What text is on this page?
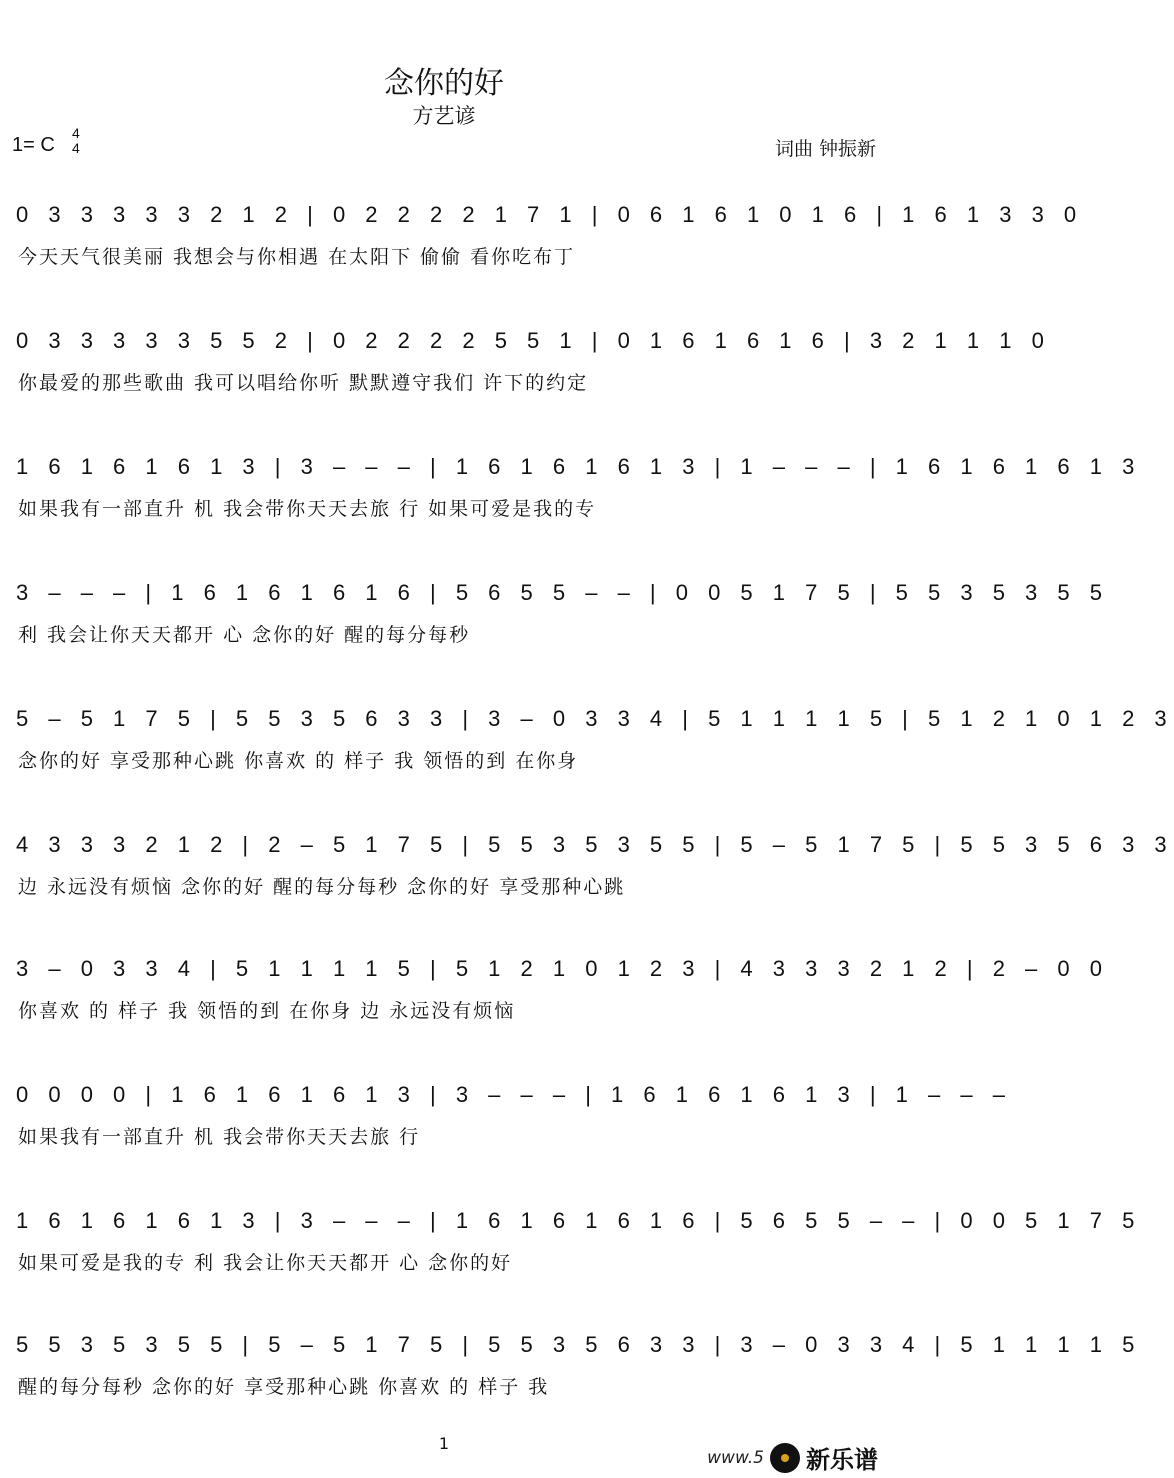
念你的好
方艺谚
1= C
4
4	词曲 钟振新
0 3 3 3 3 3 2 1 2 | 0 2 2 2 2 1 7 1 | 0 6 1 6 1 0 1 6 | 1 6 1 3 3 0
今天天气很美丽 我想会与你相遇 在太阳下 偷偷 看你吃布丁
0 3 3 3 3 3 5 5 2 | 0 2 2 2 2 5 5 1 | 0 1 6 1 6 1 6 | 3 2 1 1 1 0
你最爱的那些歌曲 我可以唱给你听 默默遵守我们 许下的约定
1 6 1 6 1 6 1 3 | 3 – – – | 1 6 1 6 1 6 1 3 | 1 – – – | 1 6 1 6 1 6 1 3
如果我有一部直升 机 我会带你天天去旅 行 如果可爱是我的专
3 – – – | 1 6 1 6 1 6 1 6 | 5 6 5 5 – – | 0 0 5 1 7 5 | 5 5 3 5 3 5 5
利 我会让你天天都开 心 念你的好 醒的每分每秒
5 – 5 1 7 5 | 5 5 3 5 6 3 3 | 3 – 0 3 3 4 | 5 1 1 1 1 5 | 5 1 2 1 0 1 2 3
念你的好 享受那种心跳 你喜欢 的 样子 我 领悟的到 在你身
4 3 3 3 2 1 2 | 2 – 5 1 7 5 | 5 5 3 5 3 5 5 | 5 – 5 1 7 5 | 5 5 3 5 6 3 3
边 永远没有烦恼 念你的好 醒的每分每秒 念你的好 享受那种心跳
3 – 0 3 3 4 | 5 1 1 1 1 5 | 5 1 2 1 0 1 2 3 | 4 3 3 3 2 1 2 | 2 – 0 0
你喜欢 的 样子 我 领悟的到 在你身 边 永远没有烦恼
0 0 0 0 | 1 6 1 6 1 6 1 3 | 3 – – – | 1 6 1 6 1 6 1 3 | 1 – – –
如果我有一部直升 机 我会带你天天去旅 行
1 6 1 6 1 6 1 3 | 3 – – – | 1 6 1 6 1 6 1 6 | 5 6 5 5 – – | 0 0 5 1 7 5
如果可爱是我的专 利 我会让你天天都开 心 念你的好
5 5 3 5 3 5 5 | 5 – 5 1 7 5 | 5 5 3 5 6 3 3 | 3 – 0 3 3 4 | 5 1 1 1 1 5
醒的每分每秒 念你的好 享受那种心跳 你喜欢 的 样子 我
1
www.5 新乐谱
